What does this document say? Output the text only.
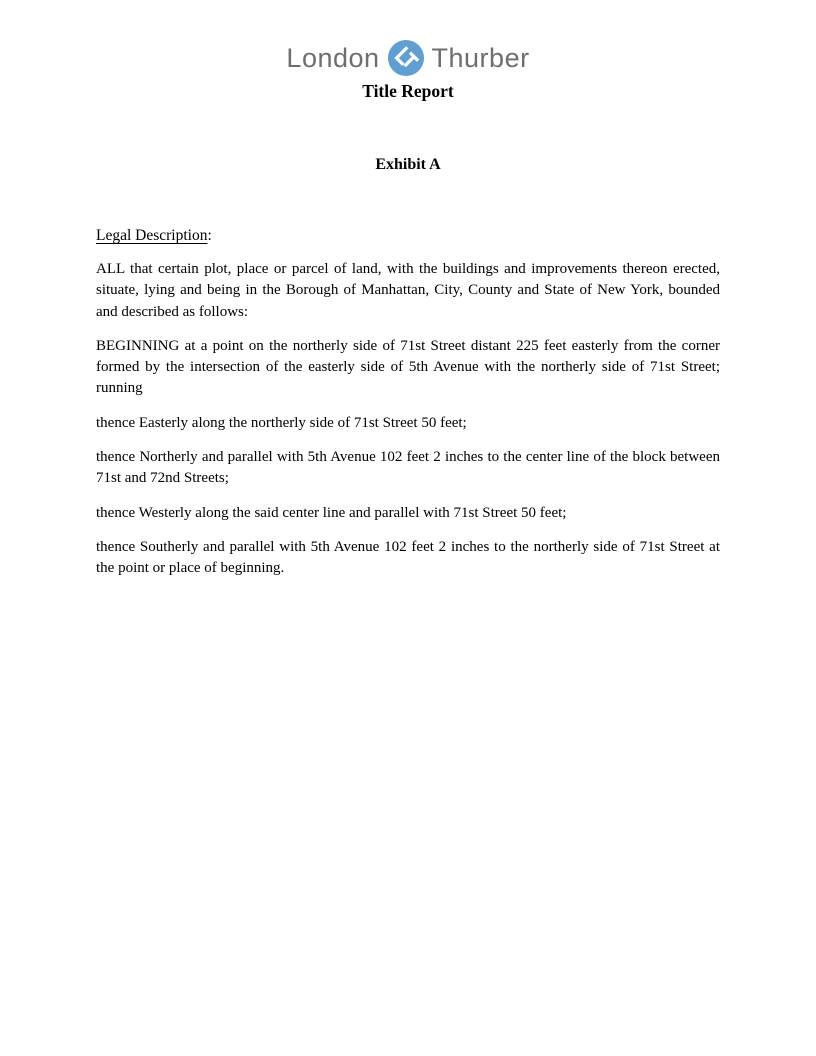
London Thurber
Title Report
Exhibit A
Legal Description:

ALL that certain plot, place or parcel of land, with the buildings and improvements thereon erected, situate, lying and being in the Borough of Manhattan, City, County and State of New York, bounded and described as follows:

BEGINNING at a point on the northerly side of 71st Street distant 225 feet easterly from the corner formed by the intersection of the easterly side of 5th Avenue with the northerly side of 71st Street; running

thence Easterly along the northerly side of 71st Street 50 feet;

thence Northerly and parallel with 5th Avenue 102 feet 2 inches to the center line of the block between 71st and 72nd Streets;

thence Westerly along the said center line and parallel with 71st Street 50 feet;

thence Southerly and parallel with 5th Avenue 102 feet 2 inches to the northerly side of 71st Street at the point or place of beginning.
